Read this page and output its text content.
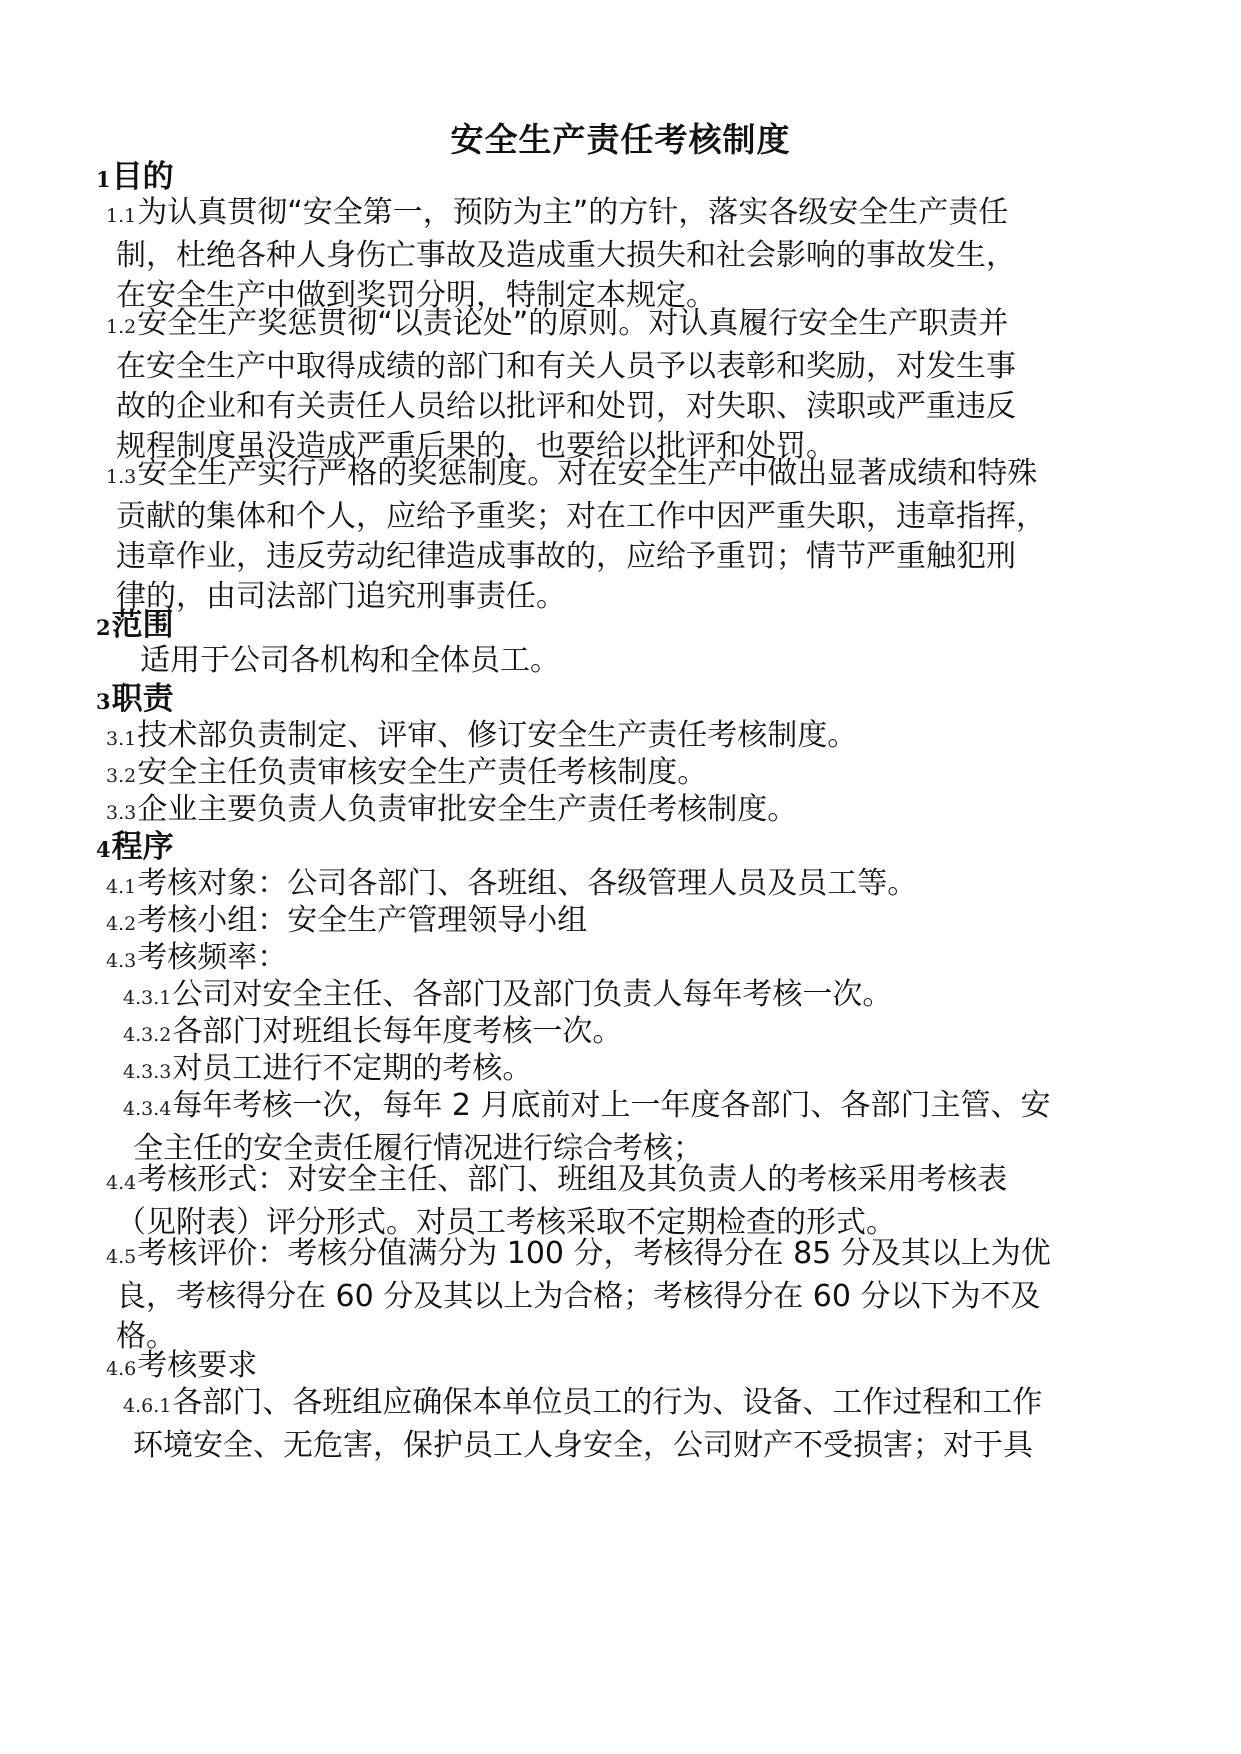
安全生产责任考核制度
1目的
1.1为认真贯彻“安全第一，预防为主”的方针，落实各级安全生产责任
制，杜绝各种人身伤亡事故及造成重大损失和社会影响的事故发生，
在安全生产中做到奖罚分明，特制定本规定。
1.2安全生产奖惩贯彻“以责论处”的原则。对认真履行安全生产职责并
在安全生产中取得成绩的部门和有关人员予以表彰和奖励，对发生事
故的企业和有关责任人员给以批评和处罚，对失职、渎职或严重违反
规程制度虽没造成严重后果的，也要给以批评和处罚。
1.3安全生产实行严格的奖惩制度。对在安全生产中做出显著成绩和特殊
贡献的集体和个人，应给予重奖；对在工作中因严重失职，违章指挥，
违章作业，违反劳动纪律造成事故的，应给予重罚；情节严重触犯刑
律的，由司法部门追究刑事责任。
2范围
适用于公司各机构和全体员工。
3职责
3.1技术部负责制定、评审、修订安全生产责任考核制度。
3.2安全主任负责审核安全生产责任考核制度。
3.3企业主要负责人负责审批安全生产责任考核制度。
4程序
4.1考核对象：公司各部门、各班组、各级管理人员及员工等。
4.2考核小组：安全生产管理领导小组
4.3考核频率：
4.3.1公司对安全主任、各部门及部门负责人每年考核一次。
4.3.2各部门对班组长每年度考核一次。
4.3.3对员工进行不定期的考核。
4.3.4每年考核一次，每年 2 月底前对上一年度各部门、各部门主管、安
全主任的安全责任履行情况进行综合考核；
4.4考核形式：对安全主任、部门、班组及其负责人的考核采用考核表
（见附表）评分形式。对员工考核采取不定期检查的形式。
4.5考核评价：考核分值满分为 100 分，考核得分在 85 分及其以上为优
良，考核得分在 60 分及其以上为合格；考核得分在 60 分以下为不及
格。
4.6考核要求
4.6.1各部门、各班组应确保本单位员工的行为、设备、工作过程和工作
环境安全、无危害，保护员工人身安全，公司财产不受损害；对于具
